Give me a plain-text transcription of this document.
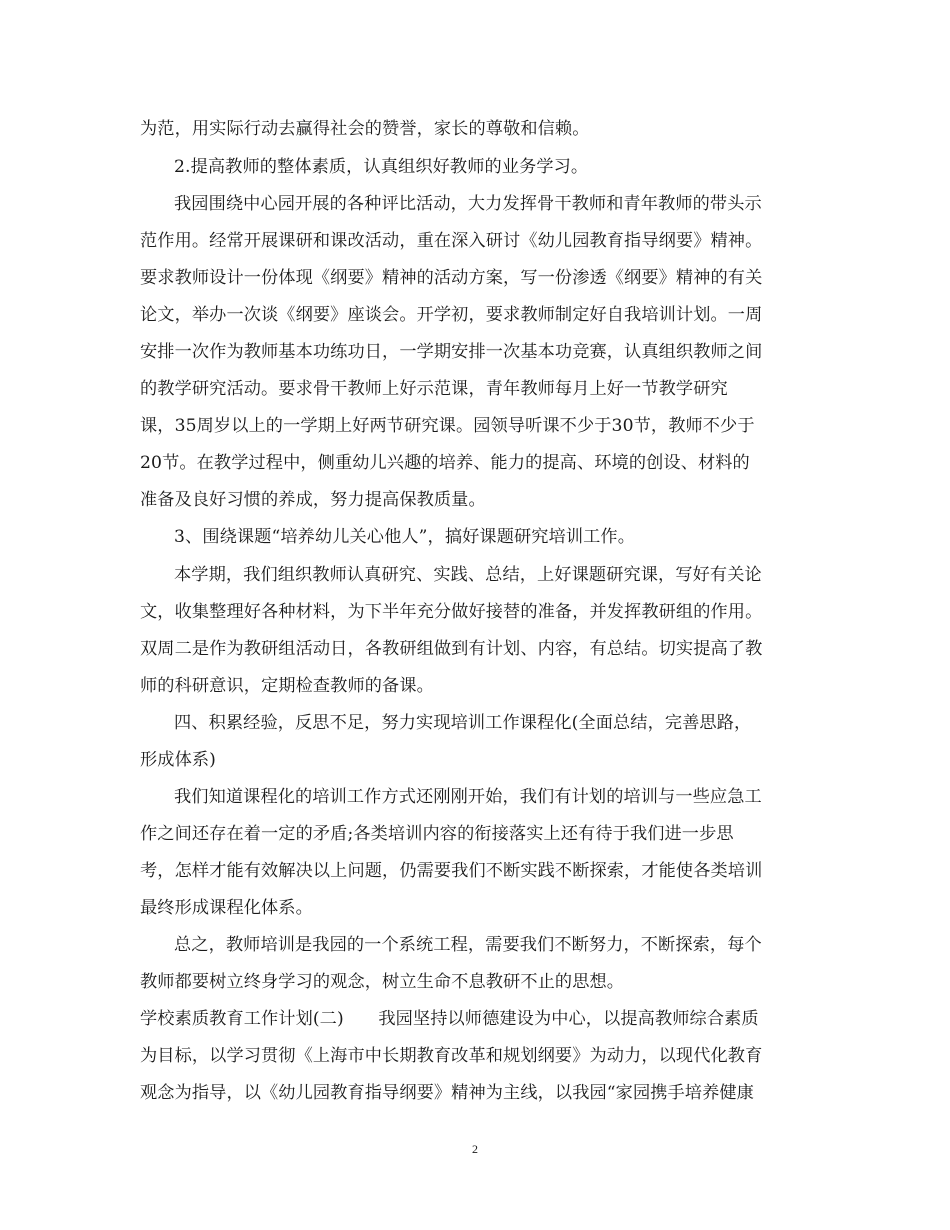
为范，用实际行动去赢得社会的赞誉，家长的尊敬和信赖。
2.提高教师的整体素质，认真组织好教师的业务学习。
我园围绕中心园开展的各种评比活动，大力发挥骨干教师和青年教师的带头示
范作用。经常开展课研和课改活动，重在深入研讨《幼儿园教育指导纲要》精神。
要求教师设计一份体现《纲要》精神的活动方案，写一份渗透《纲要》精神的有关
论文，举办一次谈《纲要》座谈会。开学初，要求教师制定好自我培训计划。一周
安排一次作为教师基本功练功日，一学期安排一次基本功竞赛，认真组织教师之间
的教学研究活动。要求骨干教师上好示范课，青年教师每月上好一节教学研究
课，35周岁以上的一学期上好两节研究课。园领导听课不少于30节，教师不少于
20节。在教学过程中，侧重幼儿兴趣的培养、能力的提高、环境的创设、材料的
准备及良好习惯的养成，努力提高保教质量。
3、围绕课题“培养幼儿关心他人”，搞好课题研究培训工作。
本学期，我们组织教师认真研究、实践、总结，上好课题研究课，写好有关论
文，收集整理好各种材料，为下半年充分做好接替的准备，并发挥教研组的作用。
双周二是作为教研组活动日，各教研组做到有计划、内容，有总结。切实提高了教
师的科研意识，定期检查教师的备课。
四、积累经验，反思不足，努力实现培训工作课程化(全面总结，完善思路，
形成体系)
我们知道课程化的培训工作方式还刚刚开始，我们有计划的培训与一些应急工
作之间还存在着一定的矛盾;各类培训内容的衔接落实上还有待于我们进一步思
考，怎样才能有效解决以上问题，仍需要我们不断实践不断探索，才能使各类培训
最终形成课程化体系。
总之，教师培训是我园的一个系统工程，需要我们不断努力，不断探索，每个
教师都要树立终身学习的观念，树立生命不息教研不止的思想。
学校素质教育工作计划(二)　　我园坚持以师德建设为中心，以提高教师综合素质
为目标，以学习贯彻《上海市中长期教育改革和规划纲要》为动力，以现代化教育
观念为指导，以《幼儿园教育指导纲要》精神为主线，以我园“家园携手培养健康
2
